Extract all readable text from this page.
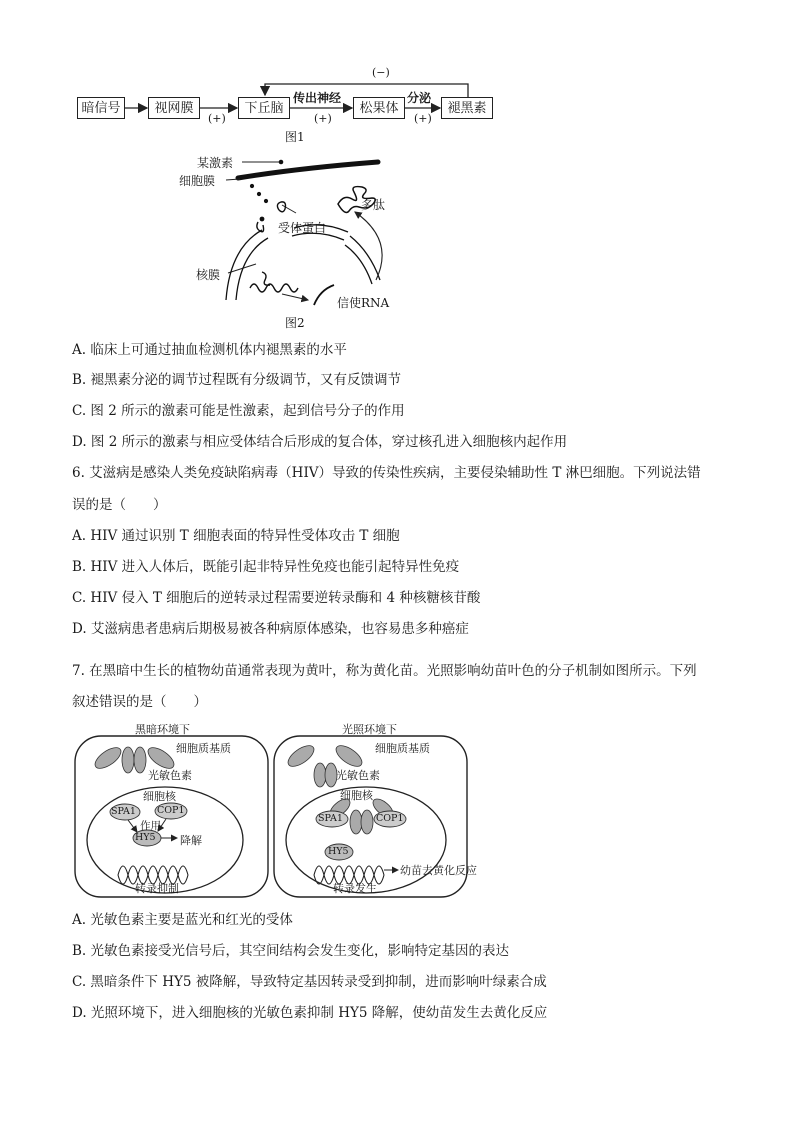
暗信号	视网膜	下丘脑	松果体	褪黑素
传出神经	分泌
(+)	(+)	(+)
(−)
图1
某激素
细胞膜
多肽
受体蛋白
核膜
信使RNA
图2
A. 临床上可通过抽血检测机体内褪黑素的水平
B. 褪黑素分泌的调节过程既有分级调节，又有反馈调节
C. 图 2 所示的激素可能是性激素，起到信号分子的作用
D. 图 2 所示的激素与相应受体结合后形成的复合体，穿过核孔进入细胞核内起作用
6. 艾滋病是感染人类免疫缺陷病毒（HIV）导致的传染性疾病，主要侵染辅助性 T 淋巴细胞。下列说法错
误的是（　　）
A. HIV 通过识别 T 细胞表面的特异性受体攻击 T 细胞
B. HIV 进入人体后，既能引起非特异性免疫也能引起特异性免疫
C. HIV 侵入 T 细胞后的逆转录过程需要逆转录酶和 4 种核糖核苷酸
D. 艾滋病患者患病后期极易被各种病原体感染，也容易患多种癌症
7. 在黑暗中生长的植物幼苗通常表现为黄叶，称为黄化苗。光照影响幼苗叶色的分子机制如图所示。下列
叙述错误的是（　　）
黑暗环境下
细胞质基质
光敏色素
细胞核
SPA1 COP1
作用
HY5 降解
转录抑制
光照环境下
细胞质基质
光敏色素
细胞核
SPA1	COP1
HY5
幼苗去黄化反应
转录发生
A. 光敏色素主要是蓝光和红光的受体
B. 光敏色素接受光信号后，其空间结构会发生变化，影响特定基因的表达
C. 黑暗条件下 HY5 被降解，导致特定基因转录受到抑制，进而影响叶绿素合成
D. 光照环境下，进入细胞核的光敏色素抑制 HY5 降解，使幼苗发生去黄化反应
